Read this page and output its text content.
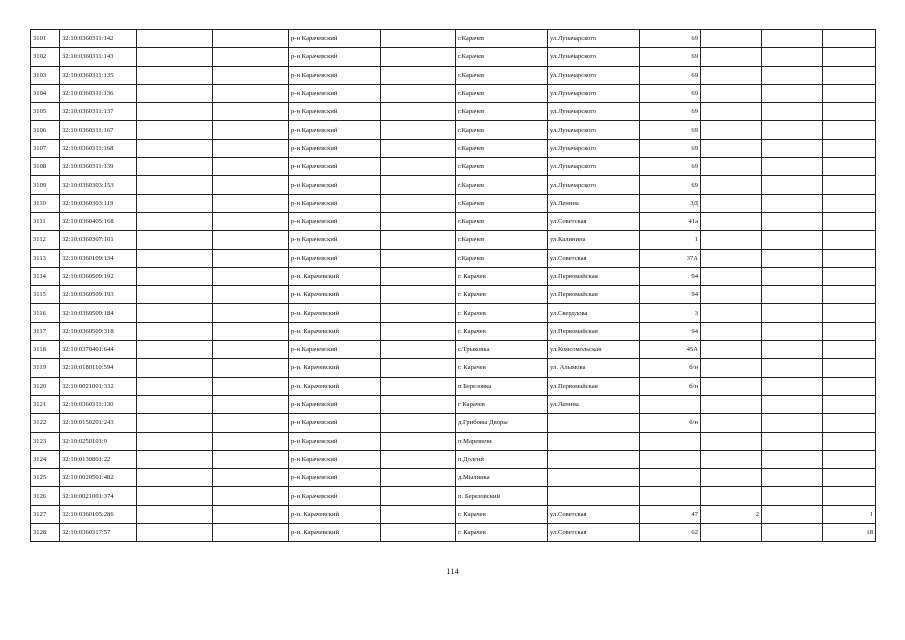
3101	32:10:0360311:142			р-н Карачевский		г.Карачев	ул.Луначарского	69			
3102	32:10:0360311:143			р-н Карачевский		г.Карачев	ул.Луначарского	69			
3103	32:10:0360311:135			р-н Карачевский		г.Карачев	ул.Луначарского	69			
3104	32:10:0360311:136			р-н Карачевский		г.Карачев	ул.Луначарского	69			
3105	32:10:0360311:137			р-н Карачевский		г.Карачев	ул.Луначарского	69			
3106	32:10:0360311:167			р-н Карачевский		г.Карачев	ул.Луначарского	69			
3107	32:10:0360311:168			р-н Карачевский		г.Карачев	ул.Луначарского	69			
3108	32:10:0360311:139			р-н Карачевский		г.Карачев	ул.Луначарского	69			
3109	32:10:0360303:153			р-н Карачевский		г.Карачев	ул.Луначарского	69			
3110	32:10:0360303:119			р-н Карачевский		г.Карачев	ул.Ленина	3Д			
3111	32:10:0360405:168			р-н Карачевский		г.Карачев	ул.Советская	41а			
3112	32:10:0360307:101			р-н Карачевский		г.Карачев	ул.Калинина	1			
3113	32:10:0360109:134			р-н Карачевский		г.Карачев	ул.Советская	37А			
3114	32:10:0360509:192			р-н. Карачевский		г. Карачев	ул.Первомайская	94			
3115	32:10:0360509:193			р-н. Карачевский		г. Карачев	ул.Первомайская	94			
3116	32:10:0360509:184			р-н. Карачевский		г. Карачев	ул.Свердлова	3			
3117	32:10:0360509:318			р-н. Карачевский		г. Карачев	ул.Первомайская	94			
3118	32:10:0370401:644			р-н Карачевский		с.Трыковка	ул.Комсомольская	45А			
3119	32:10:0180110:594			р-н. Карачевский		г. Карачев	ул. Алымова	б/н			
3120	32:10:0021001:332			р-н. Карачевский		п Березовка	ул.Первомайская	б/н			
3121	32:10:0360311:130			р-н Карачевский		г Карачев	ул.Ленина				
3122	32:10:0150201:243			р-н Карачевский		д.Грибовы Дворы		б/н			
3123	32:10:0250101:9			р-н Карачевский		п.Маревичи					
3124	32:10:0130801:22			р-н Карачевский		п.Долгий					
3125	32:10:0020501:482			р-н Карачевский		д.Мылинка					
3126	32:10:0021001:374			р-н Карачевский		п. Березовский					
3127	32:10:0360105:286			р-н. Карачевский		г. Карачев	ул.Советская	47	2		1
3128	32:10:0360317:57			р-н. Карачевский		г. Карачев	ул.Советская	62			18
114
